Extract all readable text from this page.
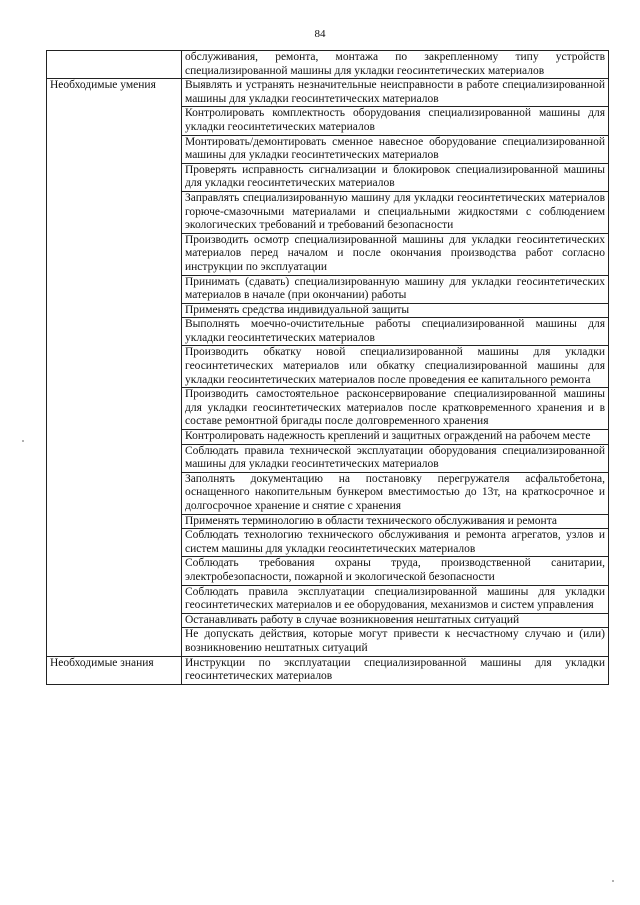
84
	обслуживания, ремонта, монтажа по закрепленному типу устройств специализированной машины для укладки геосинтетических материалов
Необходимые умения	Выявлять и устранять незначительные неисправности в работе специализированной машины для укладки геосинтетических материалов
	Контролировать комплектность оборудования специализированной машины для укладки геосинтетических материалов
	Монтировать/демонтировать сменное навесное оборудование специализированной машины для укладки геосинтетических материалов
	Проверять исправность сигнализации и блокировок специализированной машины для укладки геосинтетических материалов
	Заправлять специализированную машину для укладки геосинтетических материалов горюче-смазочными материалами и специальными жидкостями с соблюдением экологических требований и требований безопасности
	Производить осмотр специализированной машины для укладки геосинтетических материалов перед началом и после окончания производства работ согласно инструкции по эксплуатации
	Принимать (сдавать) специализированную машину для укладки геосинтетических материалов в начале (при окончании) работы
	Применять средства индивидуальной защиты
	Выполнять моечно-очистительные работы специализированной машины для укладки геосинтетических материалов
	Производить обкатку новой специализированной машины для укладки геосинтетических материалов или обкатку специализированной машины для укладки геосинтетических материалов после проведения ее капитального ремонта
	Производить самостоятельное расконсервирование специализированной машины для укладки геосинтетических материалов после кратковременного хранения и в составе ремонтной бригады после долговременного хранения
	Контролировать надежность креплений и защитных ограждений на рабочем месте
	Соблюдать правила технической эксплуатации оборудования специализированной машины для укладки геосинтетических материалов
	Заполнять документацию на постановку перегружателя асфальтобетона, оснащенного накопительным бункером вместимостью до 13т, на краткосрочное и долгосрочное хранение и снятие с хранения
	Применять терминологию в области технического обслуживания и ремонта
	Соблюдать технологию технического обслуживания и ремонта агрегатов, узлов и систем машины для укладки геосинтетических материалов
	Соблюдать требования охраны труда, производственной санитарии, электробезопасности, пожарной и экологической безопасности
	Соблюдать правила эксплуатации специализированной машины для укладки геосинтетических материалов и ее оборудования, механизмов и систем управления
	Останавливать работу в случае возникновения нештатных ситуаций
	Не допускать действия, которые могут привести к несчастному случаю и (или) возникновению нештатных ситуаций
Необходимые знания	Инструкции по эксплуатации специализированной машины для укладки геосинтетических материалов
